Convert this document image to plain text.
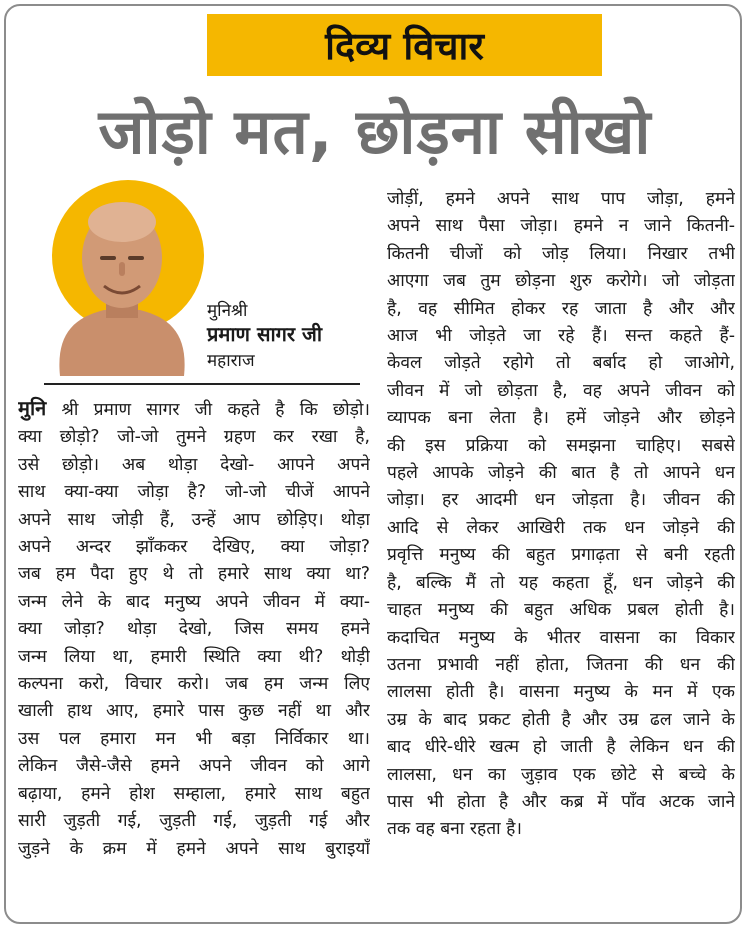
दिव्य विचार
जोड़ो मत, छोड़ना सीखो
मुनिश्री
प्रमाण सागर जी
महाराज

मुनि श्री प्रमाण सागर जी कहते है कि छोड़ो।

क्या छोड़ो? जो-जो तुमने ग्रहण कर रखा है,

उसे छोड़ो। अब थोड़ा देखो- आपने अपने

साथ क्या-क्या जोड़ा है? जो-जो चीजें आपने

अपने साथ जोड़ी हैं, उन्हें आप छोड़िए। थोड़ा

अपने अन्दर झाँककर देखिए, क्या जोड़ा?

जब हम पैदा हुए थे तो हमारे साथ क्या था?

जन्म लेने के बाद मनुष्य अपने जीवन में क्या-

क्या जोड़ा? थोड़ा देखो, जिस समय हमने

जन्म लिया था, हमारी स्थिति क्या थी? थोड़ी

कल्पना करो, विचार करो। जब हम जन्म लिए

खाली हाथ आए, हमारे पास कुछ नहीं था और

उस पल हमारा मन भी बड़ा निर्विकार था।

लेकिन जैसे-जैसे हमने अपने जीवन को आगे

बढ़ाया, हमने होश सम्हाला, हमारे साथ बहुत

सारी जुड़ती गई, जुड़ती गई, जुड़ती गई और

जुड़ने के क्रम में हमने अपने साथ बुराइयाँ

जोड़ीं, हमने अपने साथ पाप जोड़ा, हमने

अपने साथ पैसा जोड़ा। हमने न जाने कितनी-

कितनी चीजों को जोड़ लिया। निखार तभी

आएगा जब तुम छोड़ना शुरु करोगे। जो जोड़ता

है, वह सीमित होकर रह जाता है और और

आज भी जोड़ते जा रहे हैं। सन्त कहते हैं-

केवल जोड़ते रहोगे तो बर्बाद हो जाओगे,

जीवन में जो छोड़ता है, वह अपने जीवन को

व्यापक बना लेता है। हमें जोड़ने और छोड़ने

की इस प्रक्रिया को समझना चाहिए। सबसे

पहले आपके जोड़ने की बात है तो आपने धन

जोड़ा। हर आदमी धन जोड़ता है। जीवन की

आदि से लेकर आखिरी तक धन जोड़ने की

प्रवृत्ति मनुष्य की बहुत प्रगाढ़ता से बनी रहती

है, बल्कि मैं तो यह कहता हूँ, धन जोड़ने की

चाहत मनुष्य की बहुत अधिक प्रबल होती है।

कदाचित मनुष्य के भीतर वासना का विकार

उतना प्रभावी नहीं होता, जितना की धन की

लालसा होती है। वासना मनुष्य के मन में एक

उम्र के बाद प्रकट होती है और उम्र ढल जाने के

बाद धीरे-धीरे खत्म हो जाती है लेकिन धन की

लालसा, धन का जुड़ाव एक छोटे से बच्चे के

पास भी होता है और कब्र में पाँव अटक जाने

तक वह बना रहता है।
